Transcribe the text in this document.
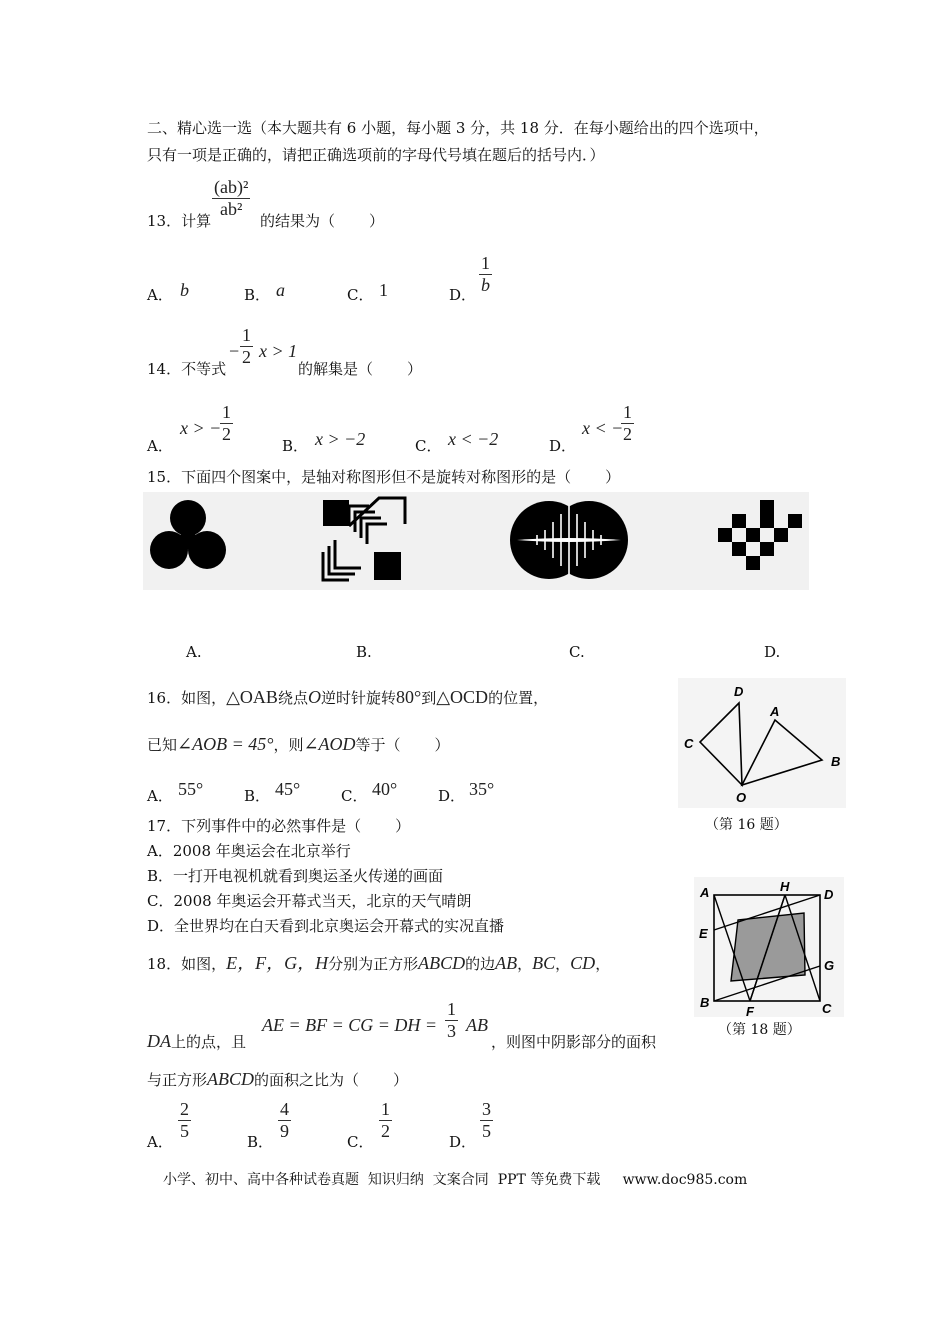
二、精心选一选（本大题共有 6 小题，每小题 3 分，共 18 分．在每小题给出的四个选项中，
只有一项是正确的，请把正确选项前的字母代号填在题后的括号内．）
(ab)²
ab²
13．计算	的结果为（ ）
A． b	B． a	C． 1	D．
1
b
14．不等式
−
1
2 x > 1
的解集是（ ）
A．
x > −
1
2
B． x > −2	C． x < −2	D．
x < −
1
2
15．下面四个图案中，是轴对称图形但不是旋转对称图形的是（ ）
A.	B.	C.	D.
16．如图，△OAB绕点O逆时针旋转80°到△OCD的位置，
已知∠AOB = 45°，则∠AOD等于（ ）
A． 55°	B． 45°	C． 40°	D． 35°
D
A
C
B
O
（第 16 题）
17．下列事件中的必然事件是（ ）
A．2008 年奥运会在北京举行
B．一打开电视机就看到奥运圣火传递的画面
C．2008 年奥运会开幕式当天，北京的天气晴朗
D．全世界均在白天看到北京奥运会开幕式的实况直播
A	H
D
E
G
B
F	C
（第 18 题）
18．如图，E，F，G，H分别为正方形ABCD的边AB，BC，CD，
AE = BF = CG = DH =
1
3 AB
DA上的点，且	，则图中阴影部分的面积
与正方形ABCD的面积之比为（ ）
A．
2
5
B．
4
9
C．
1
2
D．
3
5
小学、初中、高中各种试卷真题  知识归纳  文案合同  PPT 等免费下载     www.doc985.com
